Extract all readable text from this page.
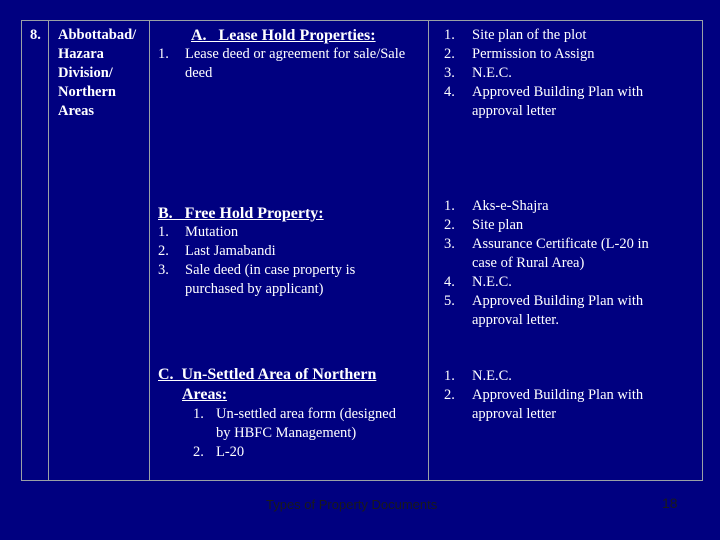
8. Abbottabad/
Hazara
Division/
Northern
Areas
A.   Lease Hold Properties:
1. Lease deed or agreement for sale/Sale
deed
1. Site plan of the plot
2. Permission to Assign
3. N.E.C.
4. Approved Building Plan with
approval letter
B.   Free Hold Property:
1. Mutation
2. Last Jamabandi
3. Sale deed (in case property is
purchased by applicant)
1. Aks-e-Shajra
2. Site plan
3. Assurance Certificate (L-20 in
case of Rural Area)
4. N.E.C.
5. Approved Building Plan with
approval letter.
C.  Un-Settled Area of Northern
Areas:
1. Un-settled area form (designed
by HBFC Management)
2. L-20
1. N.E.C.
2. Approved Building Plan with
approval letter
Types of Property Documents	18
